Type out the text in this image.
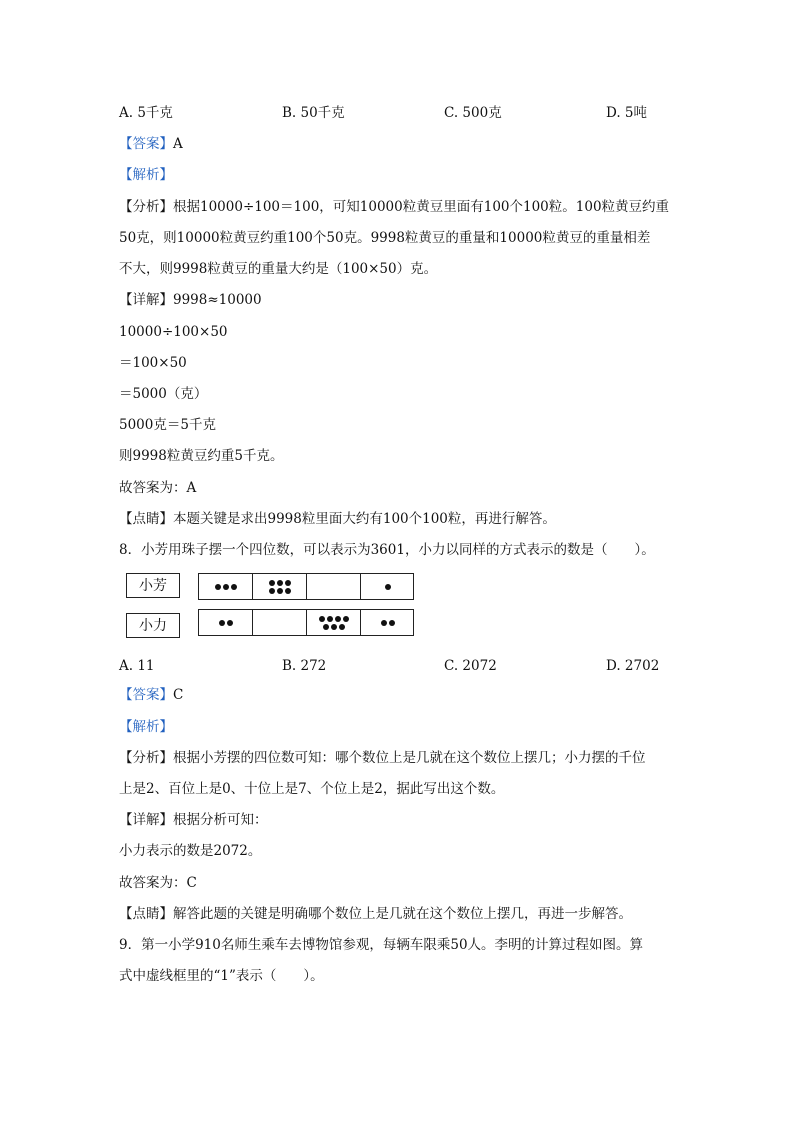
A. 5千克	B. 50千克	C. 500克	D. 5吨
【答案】A
【解析】
【分析】根据10000÷100＝100，可知10000粒黄豆里面有100个100粒。100粒黄豆约重
50克，则10000粒黄豆约重100个50克。9998粒黄豆的重量和10000粒黄豆的重量相差
不大，则9998粒黄豆的重量大约是（100×50）克。
【详解】9998≈10000
10000÷100×50
＝100×50
＝5000（克）
5000克＝5千克
则9998粒黄豆约重5千克。
故答案为：A
【点睛】本题关键是求出9998粒里面大约有100个100粒，再进行解答。
8．小芳用珠子摆一个四位数，可以表示为3601，小力以同样的方式表示的数是（　　）。
小芳
小力
A. 11	B. 272	C. 2072	D. 2702
【答案】C
【解析】
【分析】根据小芳摆的四位数可知：哪个数位上是几就在这个数位上摆几；小力摆的千位
上是2、百位上是0、十位上是7、个位上是2，据此写出这个数。
【详解】根据分析可知：
小力表示的数是2072。
故答案为：C
【点睛】解答此题的关键是明确哪个数位上是几就在这个数位上摆几，再进一步解答。
9．第一小学910名师生乘车去博物馆参观，每辆车限乘50人。李明的计算过程如图。算
式中虚线框里的“1”表示（　　）。
